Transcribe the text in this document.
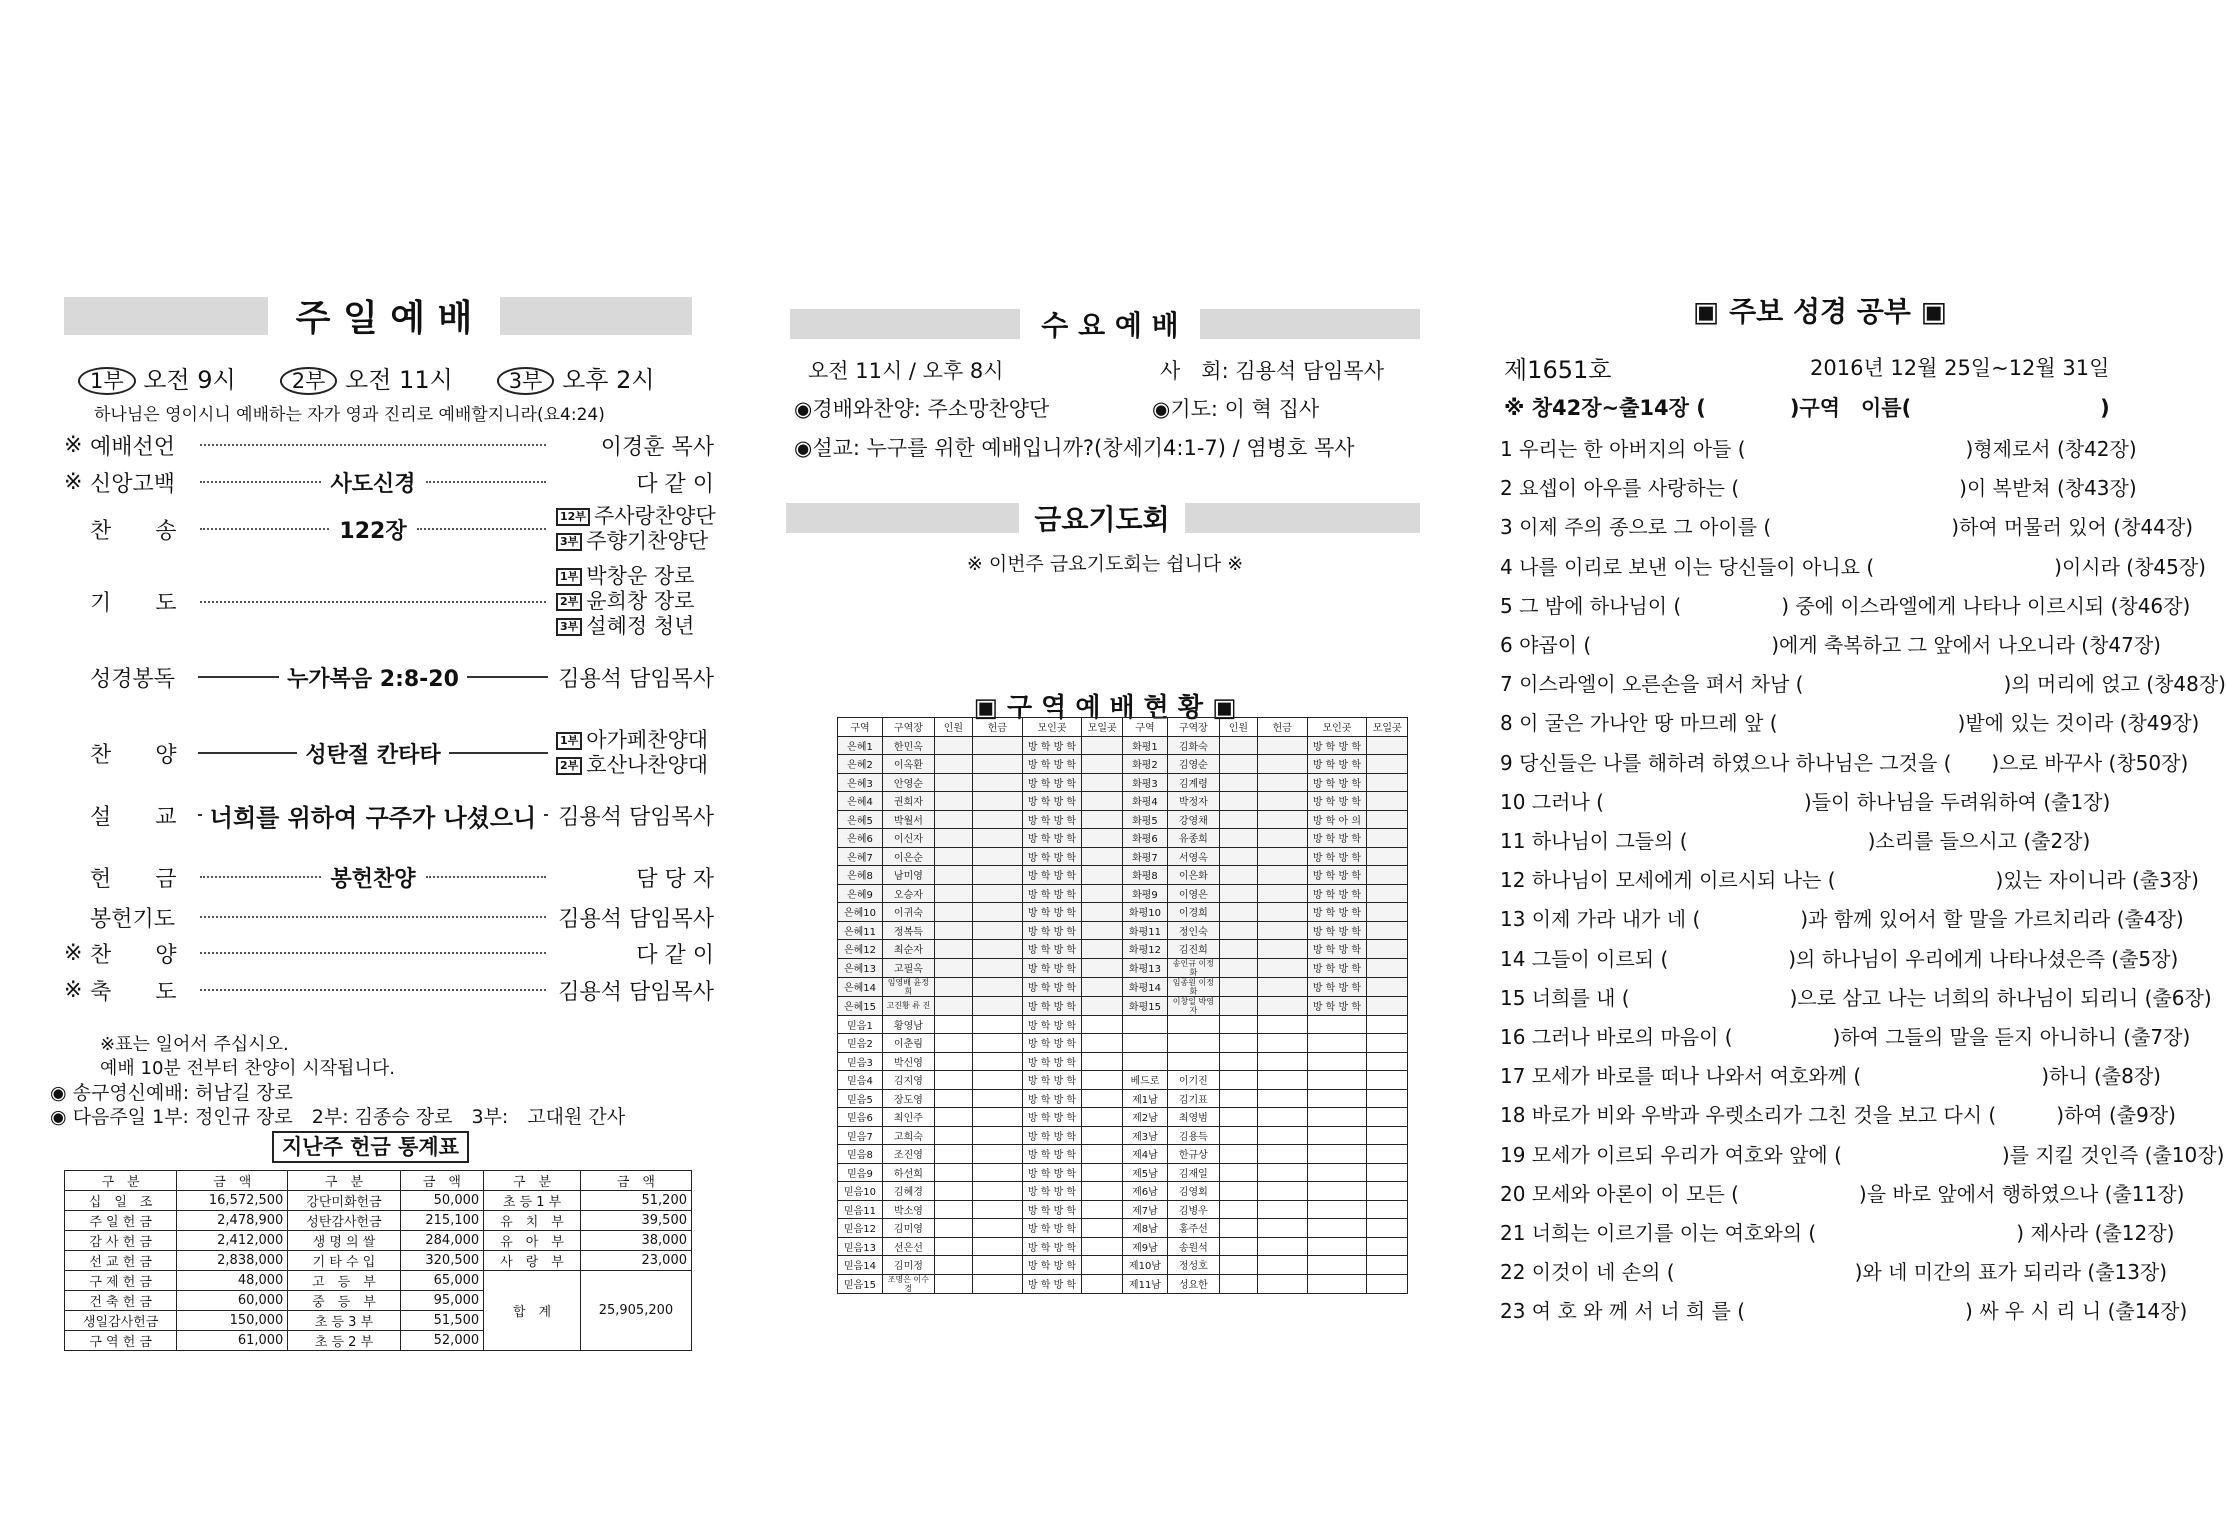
주 일 예 배
1부 오전 9시	2부 오전 11시	3부 오후 2시
하나님은 영이시니 예배하는 자가 영과 진리로 예배할지니라(요4:24)
※ 예배선언	이경훈 목사
※ 신앙고백	사도신경	다 같 이
찬　　송	122장
12부 주사랑찬양단
3부 주향기찬양단
기　　도
1부 박창운 장로
2부 윤희창 장로
3부 설혜정 청년
성경봉독	누가복음 2:8-20	김용석 담임목사
찬　　양	성탄절 칸타타
1부 아가페찬양대
2부 호산나찬양대
설　　교	너희를 위하여 구주가 나셨으니 김용석 담임목사
헌　　금	봉헌찬양	담 당 자
봉헌기도	김용석 담임목사
※ 찬　　양	다 같 이
※ 축　　도	김용석 담임목사
※표는 일어서 주십시오.
예배 10분 전부터 찬양이 시작됩니다.
◉ 송구영신예배: 허남길 장로
◉ 다음주일 1부: 정인규 장로　2부: 김종승 장로　3부:　고대원 간사
지난주 헌금 통계표
구　분	금　액	구　분	금　액	구　분	금　액
십　일　조	16,572,500	강단미화헌금	50,000	초 등 1 부	51,200
주 일 헌 금	2,478,900	성탄감사헌금	215,100	유　치　부	39,500
감 사 헌 금	2,412,000	생 명 의 쌀	284,000	유　아　부	38,000
선 교 헌 금	2,838,000	기 타 수 입	320,500	사　랑　부	23,000
구 제 헌 금	48,000	고　등　부	65,000	합　계	25,905,200
건 축 헌 금	60,000	중　등　부	95,000		
생일감사헌금	150,000	초 등 3 부	51,500		
구 역 헌 금	61,000	초 등 2 부	52,000		
수 요 예 배
오전 11시 / 오후 8시	사　회: 김용석 담임목사
◉경배와찬양: 주소망찬양단	◉기도: 이 혁 집사
◉설교: 누구를 위한 예배입니까?(창세기4:1-7) / 염병호 목사
금요기도회
※ 이번주 금요기도회는 쉽니다 ※
▣ 구 역 예 배 현 황 ▣
구역	구역장	인원	헌금	모인곳	모일곳	구역	구역장	인원	헌금	모인곳	모일곳
은혜1	한민옥			방 학 방 학		화평1	김화숙			방 학 방 학	
은혜2	이옥환			방 학 방 학		화평2	김영순			방 학 방 학	
은혜3	안영순			방 학 방 학		화평3	김계령			방 학 방 학	
은혜4	권희자			방 학 방 학		화평4	박정자			방 학 방 학	
은혜5	박월서			방 학 방 학		화평5	강영채			방 학 아 의	
은혜6	이신자			방 학 방 학		화평6	유종희			방 학 방 학	
은혜7	이은순			방 학 방 학		화평7	서영옥			방 학 방 학	
은혜8	남미영			방 학 방 학		화평8	이은화			방 학 방 학	
은혜9	오승자			방 학 방 학		화평9	이영은			방 학 방 학	
은혜10	이귀숙			방 학 방 학		화평10	이경희			방 학 방 학	
은혜11	정복득			방 학 방 학		화평11	정인숙			방 학 방 학	
은혜12	최순자			방 학 방 학		화평12	김진희			방 학 방 학	
은혜13	고필옥			방 학 방 학		화평13	송인규 이정화			방 학 방 학	
은혜14	임영배 윤정희			방 학 방 학		화평14	임종원 이정화			방 학 방 학	
은혜15	고진황 류 진			방 학 방 학		화평15	이창일 박영자			방 학 방 학	
믿음1	황영남			방 학 방 학							
믿음2	이춘림			방 학 방 학							
믿음3	박신영			방 학 방 학							
믿음4	김지영			방 학 방 학		베드로	이기진				
믿음5	장도영			방 학 방 학		제1남	김기표				
믿음6	최인주			방 학 방 학		제2남	최영범				
믿음7	고희숙			방 학 방 학		제3남	김용득				
믿음8	조진영			방 학 방 학		제4남	한규상				
믿음9	하선희			방 학 방 학		제5남	김재일				
믿음10	김혜경			방 학 방 학		제6남	김영회				
믿음11	박소영			방 학 방 학		제7남	김병우				
믿음12	김미영			방 학 방 학		제8남	홍주선				
믿음13	선은선			방 학 방 학		제9남	송원석				
믿음14	김미정			방 학 방 학		제10남	정성호				
믿음15	조명은 이수경			방 학 방 학		제11남	성요한				
▣ 주보 성경 공부 ▣
제1651호	2016년 12월 25일~12월 31일
※ 창42장~출14장 (　　　　)구역　이름(　　　　　　　　　)
1 우리는 한 아버지의 아들 (　　　　　　　　　　　)형제로서 (창42장)
2 요셉이 아우를 사랑하는 (　　　　　　　　　　　)이 복받쳐 (창43장)
3 이제 주의 종으로 그 아이를 (　　　　　　　　　)하여 머물러 있어 (창44장)
4 나를 이리로 보낸 이는 당신들이 아니요 (　　　　　　　　　)이시라 (창45장)
5 그 밤에 하나님이 (　　　　　) 중에 이스라엘에게 나타나 이르시되 (창46장)
6 야곱이 (　　　　　　　　　)에게 축복하고 그 앞에서 나오니라 (창47장)
7 이스라엘이 오른손을 펴서 차남 (　　　　　　　　　　)의 머리에 얹고 (창48장)
8 이 굴은 가나안 땅 마므레 앞 (　　　　　　　　　)밭에 있는 것이라 (창49장)
9 당신들은 나를 해하려 하였으나 하나님은 그것을 (　　)으로 바꾸사 (창50장)
10 그러나 (　　　　　　　　　　)들이 하나님을 두려워하여 (출1장)
11 하나님이 그들의 (　　　　　　　　　)소리를 들으시고 (출2장)
12 하나님이 모세에게 이르시되 나는 (　　　　　　　　)있는 자이니라 (출3장)
13 이제 가라 내가 네 (　　　　　)과 함께 있어서 할 말을 가르치리라 (출4장)
14 그들이 이르되 (　　　　　　)의 하나님이 우리에게 나타나셨은즉 (출5장)
15 너희를 내 (　　　　　　　　)으로 삼고 나는 너희의 하나님이 되리니 (출6장)
16 그러나 바로의 마음이 (　　　　　)하여 그들의 말을 듣지 아니하니 (출7장)
17 모세가 바로를 떠나 나와서 여호와께 (　　　　　　　　　)하니 (출8장)
18 바로가 비와 우박과 우렛소리가 그친 것을 보고 다시 (　　　)하여 (출9장)
19 모세가 이르되 우리가 여호와 앞에 (　　　　　　　　)를 지킬 것인즉 (출10장)
20 모세와 아론이 이 모든 (　　　　　　)을 바로 앞에서 행하였으나 (출11장)
21 너희는 이르기를 이는 여호와의 (　　　　　　　　　　) 제사라 (출12장)
22 이것이 네 손의 (　　　　　　　　　)와 네 미간의 표가 되리라 (출13장)
23 여 호 와 께 서 너 희 를 (　　　　　　　　　　　) 싸 우 시 리 니 (출14장)
